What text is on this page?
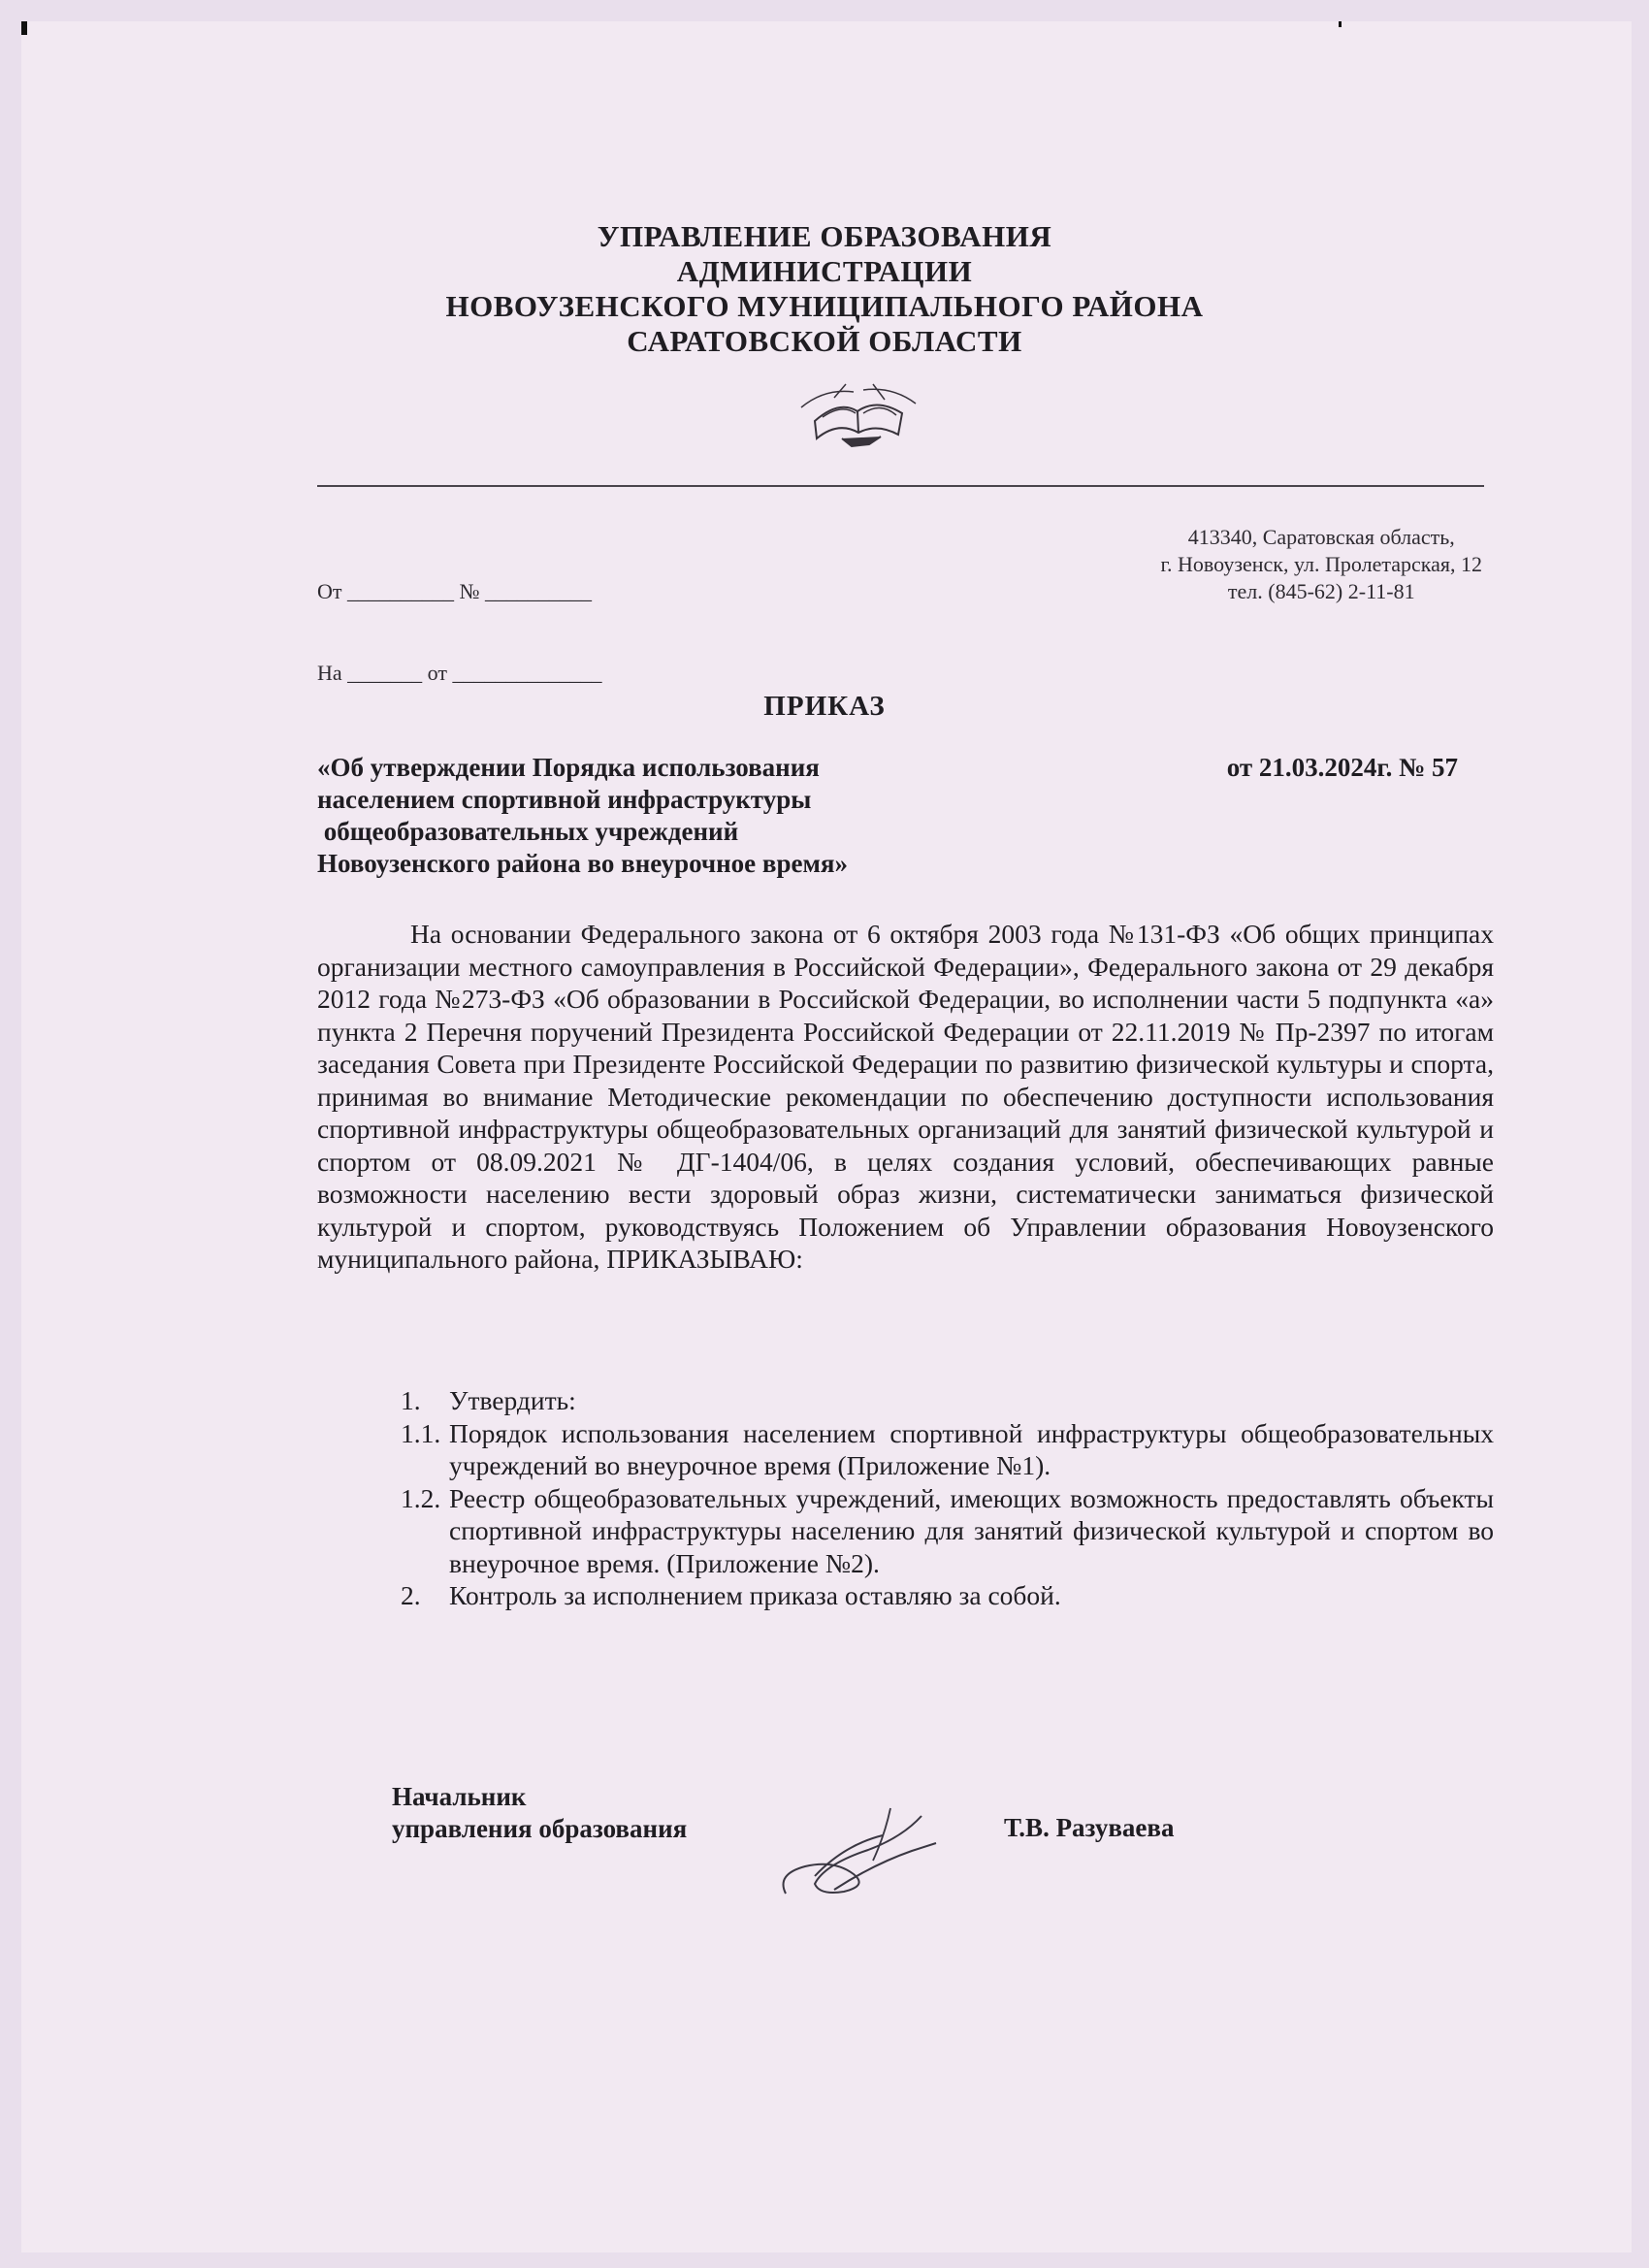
УПРАВЛЕНИЕ ОБРАЗОВАНИЯ
АДМИНИСТРАЦИИ
НОВОУЗЕНСКОГО МУНИЦИПАЛЬНОГО РАЙОНА
САРАТОВСКОЙ ОБЛАСТИ

От __________ № __________

На _______ от ______________

413340, Саратовская область,
г. Новоузенск, ул. Пролетарская, 12
тел. (845-62) 2-11-81
ПРИКАЗ
«Об утверждении Порядка использования
населением спортивной инфраструктуры
общеобразовательных учреждений
Новоузенского района во внеурочное время»
от 21.03.2024г. № 57

На основании Федерального закона от 6 октября 2003 года №131-ФЗ «Об общих принципах организации местного самоуправления в Российской Федерации», Федерального закона от 29 декабря 2012 года №273-ФЗ «Об образовании в Российской Федерации, во исполнении части 5 подпункта «а» пункта 2 Перечня поручений Президента Российской Федерации от 22.11.2019 № Пр-2397 по итогам заседания Совета при Президенте Российской Федерации по развитию физической культуры и спорта, принимая во внимание Методические рекомендации по обеспечению доступности использования спортивной инфраструктуры общеобразовательных организаций для занятий физической культурой и спортом от 08.09.2021 № ДГ-1404/06, в целях создания условий, обеспечивающих равные возможности населению вести здоровый образ жизни, систематически заниматься физической культурой и спортом, руководствуясь Положением об Управлении образования Новоузенского муниципального района, ПРИКАЗЫВАЮ:

1. Утвердить:
1.1. Порядок использования населением спортивной инфраструктуры общеобразовательных учреждений во внеурочное время (Приложение №1).
1.2. Реестр общеобразовательных учреждений, имеющих возможность предоставлять объекты спортивной инфраструктуры населению для занятий физической культурой и спортом во внеурочное время. (Приложение №2).
2. Контроль за исполнением приказа оставляю за собой.
Начальник
управления образования	Т.В. Разуваева
